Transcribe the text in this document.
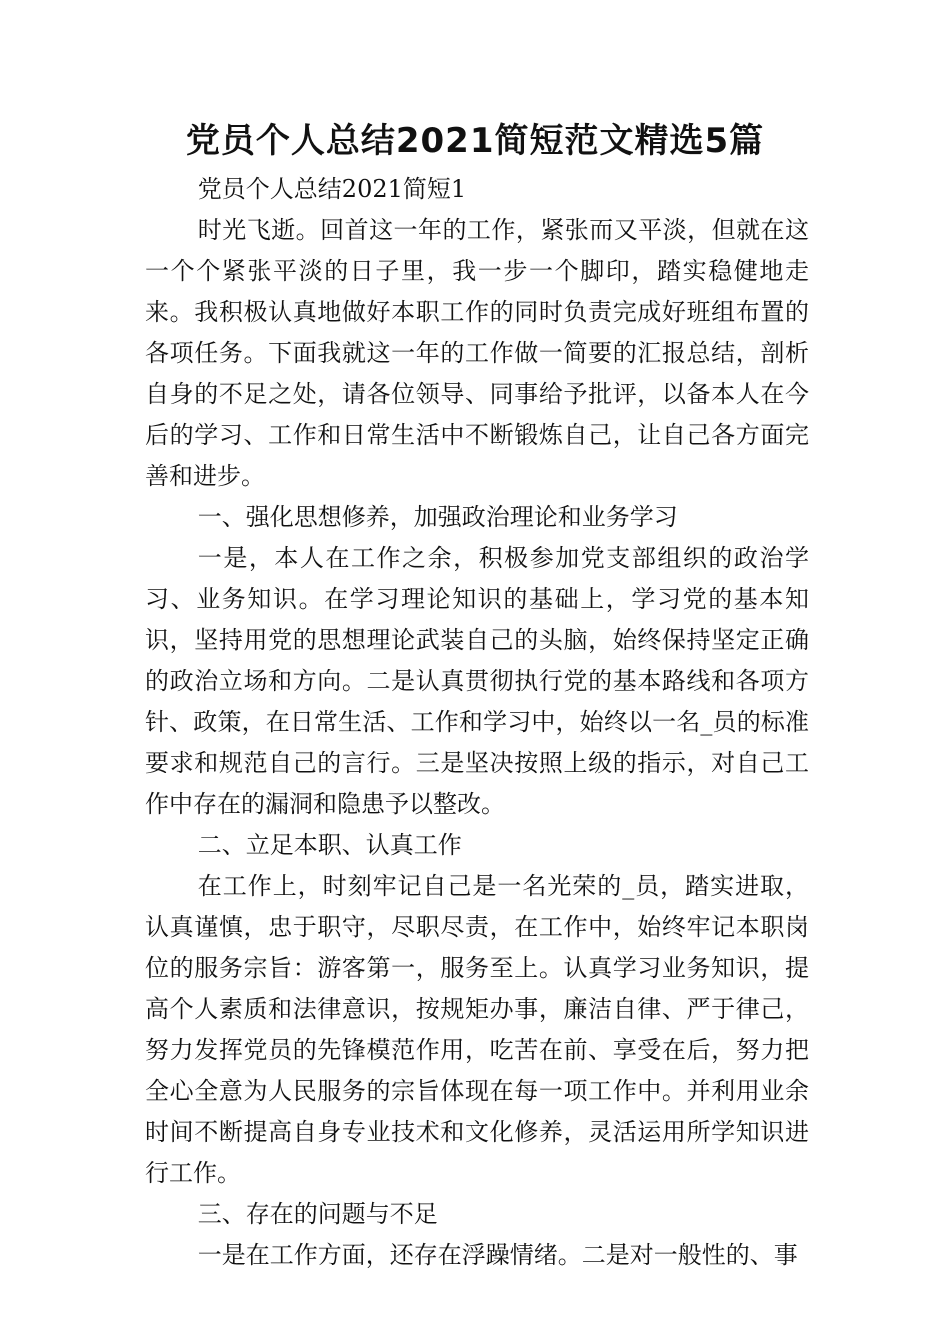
党员个人总结2021简短范文精选5篇

党员个人总结2021简短1

时光飞逝。回首这一年的工作，紧张而又平淡，但就在这一个个紧张平淡的日子里，我一步一个脚印，踏实稳健地走来。我积极认真地做好本职工作的同时负责完成好班组布置的各项任务。下面我就这一年的工作做一简要的汇报总结，剖析自身的不足之处，请各位领导、同事给予批评，以备本人在今后的学习、工作和日常生活中不断锻炼自己，让自己各方面完善和进步。

一、强化思想修养，加强政治理论和业务学习

一是，本人在工作之余，积极参加党支部组织的政治学习、业务知识。在学习理论知识的基础上，学习党的基本知识，坚持用党的思想理论武装自己的头脑，始终保持坚定正确的政治立场和方向。二是认真贯彻执行党的基本路线和各项方针、政策，在日常生活、工作和学习中，始终以一名_员的标准要求和规范自己的言行。三是坚决按照上级的指示，对自己工作中存在的漏洞和隐患予以整改。

二、立足本职、认真工作

在工作上，时刻牢记自己是一名光荣的_员，踏实进取，认真谨慎，忠于职守，尽职尽责，在工作中，始终牢记本职岗位的服务宗旨：游客第一，服务至上。认真学习业务知识，提高个人素质和法律意识，按规矩办事，廉洁自律、严于律己，努力发挥党员的先锋模范作用，吃苦在前、享受在后，努力把全心全意为人民服务的宗旨体现在每一项工作中。并利用业余时间不断提高自身专业技术和文化修养，灵活运用所学知识进行工作。

三、存在的问题与不足

一是在工作方面，还存在浮躁情绪。二是对一般性的、事
